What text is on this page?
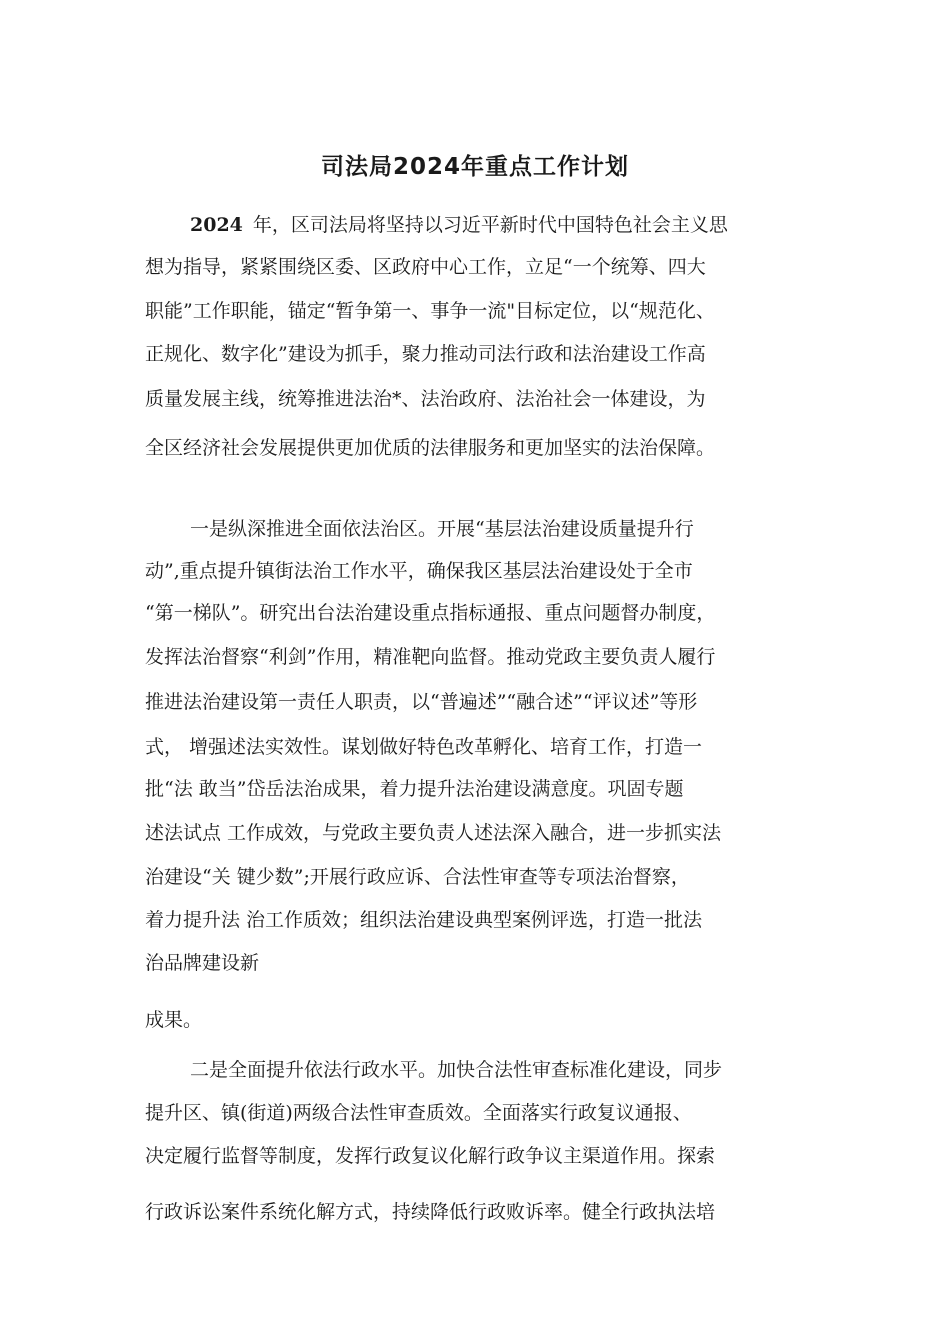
司法局2024年重点工作计划
2024 年，区司法局将坚持以习近平新时代中国特色社会主义思
想为指导，紧紧围绕区委、区政府中心工作，立足“一个统筹、四大
职能”工作职能，锚定“暂争第一、事争一流"目标定位，以“规范化、
正规化、数字化”建设为抓手，聚力推动司法行政和法治建设工作高
质量发展主线，统筹推进法治*、法治政府、法治社会一体建设，为
全区经济社会发展提供更加优质的法律服务和更加坚实的法治保障。
一是纵深推进全面依法治区。开展“基层法治建设质量提升行
动”,重点提升镇街法治工作水平，确保我区基层法治建设处于全市
“第一梯队”。研究出台法治建设重点指标通报、重点问题督办制度，
发挥法治督察“利剑”作用，精准靶向监督。推动党政主要负责人履行
推进法治建设第一责任人职责，以“普遍述”“融合述”“评议述”等形
式， 增强述法实效性。谋划做好特色改革孵化、培育工作，打造一
批“法 敢当”岱岳法治成果，着力提升法治建设满意度。巩固专题
述法试点 工作成效，与党政主要负责人述法深入融合，进一步抓实法
治建设“关 键少数”;开展行政应诉、合法性审查等专项法治督察，
着力提升法 治工作质效；组织法治建设典型案例评选，打造一批法
治品牌建设新
成果。
二是全面提升依法行政水平。加快合法性审查标准化建设，同步
提升区、镇(街道)两级合法性审查质效。全面落实行政复议通报、
决定履行监督等制度，发挥行政复议化解行政争议主渠道作用。探索
行政诉讼案件系统化解方式，持续降低行政败诉率。健全行政执法培
